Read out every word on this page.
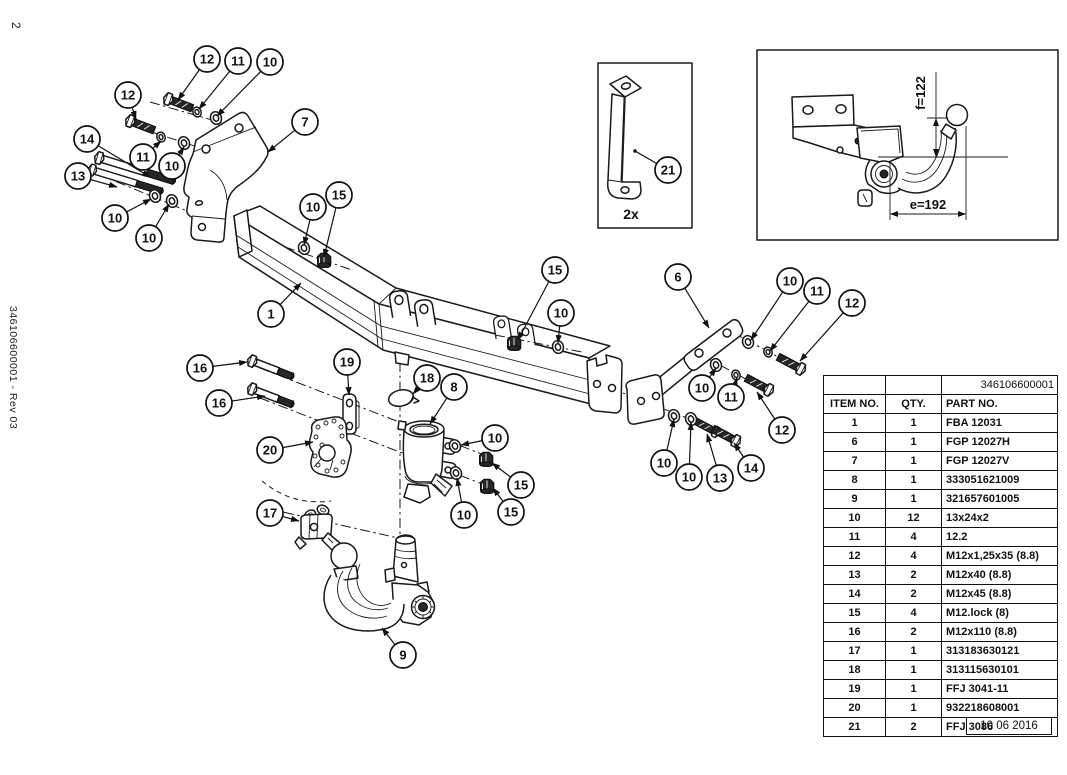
2
346106600001 - Rev 03
2x
f=122
e=192
12 11 10
12
7
14
13
11
10
10
10
10
15
1
15
10
19
18
8
16
16
20
17
10
15
15
10
9
6	10
11
12
10
11
12
10
10 13
14
21
		346106600001
ITEM NO.	QTY.	PART NO.
1	1	FBA 12031
6	1	FGP 12027H
7	1	FGP 12027V
8	1	333051621009
9	1	321657601005
10	12	13x24x2
11	4	12.2
12	4	M12x1,25x35 (8.8)
13	2	M12x40 (8.8)
14	2	M12x45 (8.8)
15	4	M12.lock (8)
16	2	M12x110 (8.8)
17	1	313183630121
18	1	313115630101
19	1	FFJ 3041-11
20	1	932218608001
21	2	FFJ 3086
10 06 2016
